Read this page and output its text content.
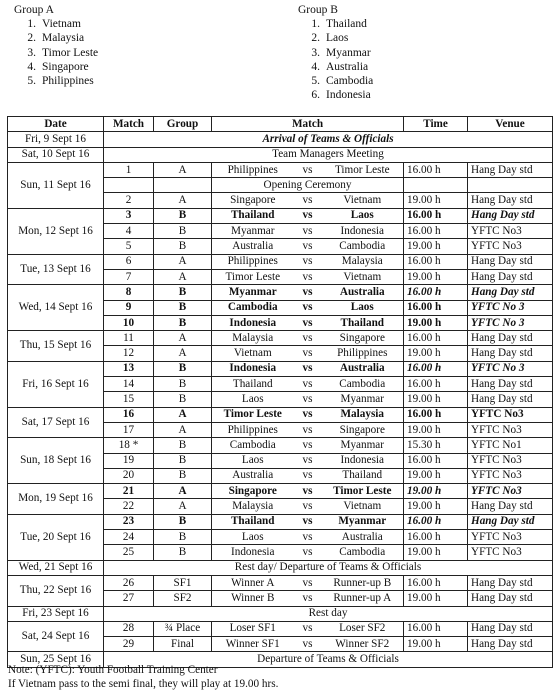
Group A

1. Vietnam
2. Malaysia
3. Timor Leste
4. Singapore
5. Philippines

Group B

1. Thailand
2. Laos
3. Myanmar
4. Australia
5. Cambodia
6. Indonesia
Date	Match	Group	Match			Time	Venue
Fri, 9 Sept 16	Arrival of Teams & Officials						
Sat, 10 Sept 16	Team Managers Meeting						
Sun, 11 Sept 16	1	A	Philippines	vs	Timor Leste	16.00 h	Hang Day std
			Opening Ceremony				
	2	A	Singapore	vs	Vietnam	19.00 h	Hang Day std
Mon, 12 Sept 16	3	B	Thailand	vs	Laos	16.00 h	Hang Day std
	4	B	Myanmar	vs	Indonesia	16.00 h	YFTC No3
	5	B	Australia	vs	Cambodia	19.00 h	YFTC No3
Tue, 13 Sept 16	6	A	Philippines	vs	Malaysia	16.00 h	Hang Day std
	7	A	Timor Leste	vs	Vietnam	19.00 h	Hang Day std
Wed, 14 Sept 16	8	B	Myanmar	vs	Australia	16.00 h	Hang Day std
	9	B	Cambodia	vs	Laos	16.00 h	YFTC No 3
	10	B	Indonesia	vs	Thailand	19.00 h	YFTC No 3
Thu, 15 Sept 16	11	A	Malaysia	vs	Singapore	16.00 h	Hang Day std
	12	A	Vietnam	vs	Philippines	19.00 h	Hang Day std
Fri, 16 Sept 16	13	B	Indonesia	vs	Australia	16.00 h	YFTC No 3
	14	B	Thailand	vs	Cambodia	16.00 h	Hang Day std
	15	B	Laos	vs	Myanmar	19.00 h	Hang Day std
Sat, 17 Sept 16	16	A	Timor Leste	vs	Malaysia	16.00 h	YFTC No3
	17	A	Philippines	vs	Singapore	19.00 h	YFTC No3
Sun, 18 Sept 16	18 *	B	Cambodia	vs	Myanmar	15.30 h	YFTC No1
	19	B	Laos	vs	Indonesia	16.00 h	YFTC No3
	20	B	Australia	vs	Thailand	19.00 h	YFTC No3
Mon, 19 Sept 16	21	A	Singapore	vs	Timor Leste	19.00 h	YFTC No3
	22	A	Malaysia	vs	Vietnam	19.00 h	Hang Day std
Tue, 20 Sept 16	23	B	Thailand	vs	Myanmar	16.00 h	Hang Day std
	24	B	Laos	vs	Australia	16.00 h	YFTC No3
	25	B	Indonesia	vs	Cambodia	19.00 h	YFTC No3
Wed, 21 Sept 16	Rest day/ Departure of Teams & Officials						
Thu, 22 Sept 16	26	SF1	Winner A	vs	Runner-up B	16.00 h	Hang Day std
	27	SF2	Winner B	vs	Runner-up A	19.00 h	Hang Day std
Fri, 23 Sept 16	Rest day						
Sat, 24 Sept 16	28	¾ Place	Loser SF1	vs	Loser SF2	16.00 h	Hang Day std
	29	Final	Winner SF1	vs	Winner SF2	19.00 h	Hang Day std
Sun, 25 Sept 16	Departure of Teams & Officials						
Note: (YFTC): Youth Football Training Center
If Vietnam pass to the semi final, they will play at 19.00 hrs.
